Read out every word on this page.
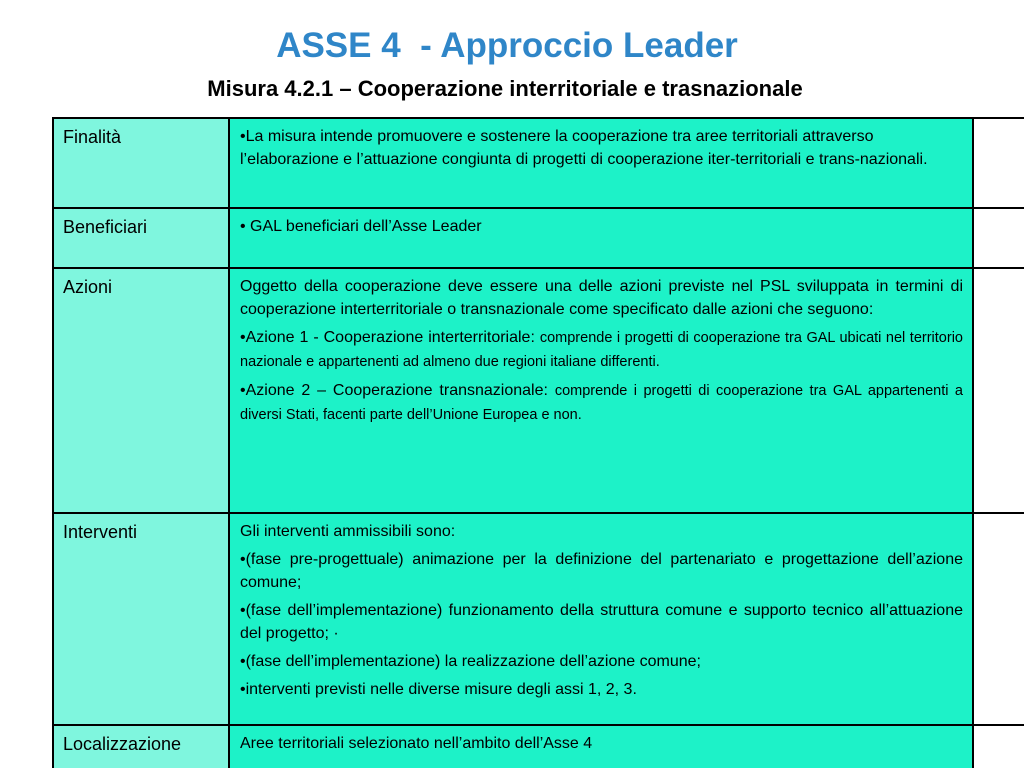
ASSE 4  - Approccio Leader
Misura 4.2.1 – Cooperazione interritoriale e trasnazionale
Finalità	•La misura intende promuovere e sostenere la cooperazione tra aree territoriali attraverso l’elaborazione e l’attuazione congiunta di progetti di cooperazione iter-territoriali e trans-nazionali.

Beneficiari	• GAL beneficiari dell’Asse Leader

Azioni	Oggetto della cooperazione deve essere una delle azioni previste nel PSL sviluppata in termini di cooperazione interterritoriale o transnazionale come specificato dalle azioni che seguono:

•Azione 1 - Cooperazione interterritoriale: comprende i progetti di cooperazione tra GAL ubicati nel territorio nazionale e appartenenti ad almeno due regioni italiane differenti.

•Azione 2 – Cooperazione transnazionale: comprende i progetti di cooperazione tra GAL appartenenti a diversi Stati, facenti parte dell’Unione Europea e non.

Interventi	Gli interventi ammissibili sono:

•(fase pre-progettuale) animazione per la definizione del partenariato e progettazione dell’azione comune;

•(fase dell’implementazione) funzionamento della struttura comune e supporto tecnico all’attuazione del progetto; ·

•(fase dell’implementazione) la realizzazione dell’azione comune;

•interventi previsti nelle diverse misure degli assi 1, 2, 3.

Localizzazione	Aree territoriali selezionato nell’ambito dell’Asse 4
